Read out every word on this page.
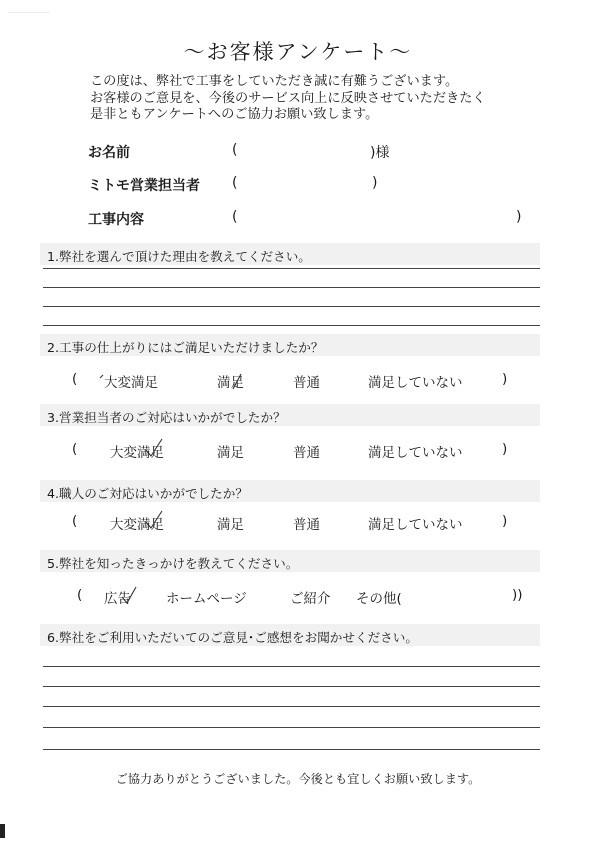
〜お客様アンケート〜
この度は、弊社で工事をしていただき誠に有難うございます。
お客様のご意見を、今後のサービス向上に反映させていただきたく
是非ともアンケートへのご協力お願い致します。
お名前	(	)様
ミトモ営業担当者 (	)
工事内容	(	)
1.弊社を選んで頂けた理由を教えてください。
2.工事の仕上がりにはご満足いただけましたか？
( 大変満足	満足	普通	満足していない	)
3.営業担当者のご対応はいかがでしたか？
( 大変満足	満足	普通	満足していない	)
4.職人のご対応はいかがでしたか？
( 大変満足	満足	普通	満足していない	)
5.弊社を知ったきっかけを教えてください。
( 広告	ホームページ	ご紹介 その他(	))
6.弊社をご利用いただいてのご意見･ご感想をお聞かせください。
ご協力ありがとうございました。今後とも宜しくお願い致します。
